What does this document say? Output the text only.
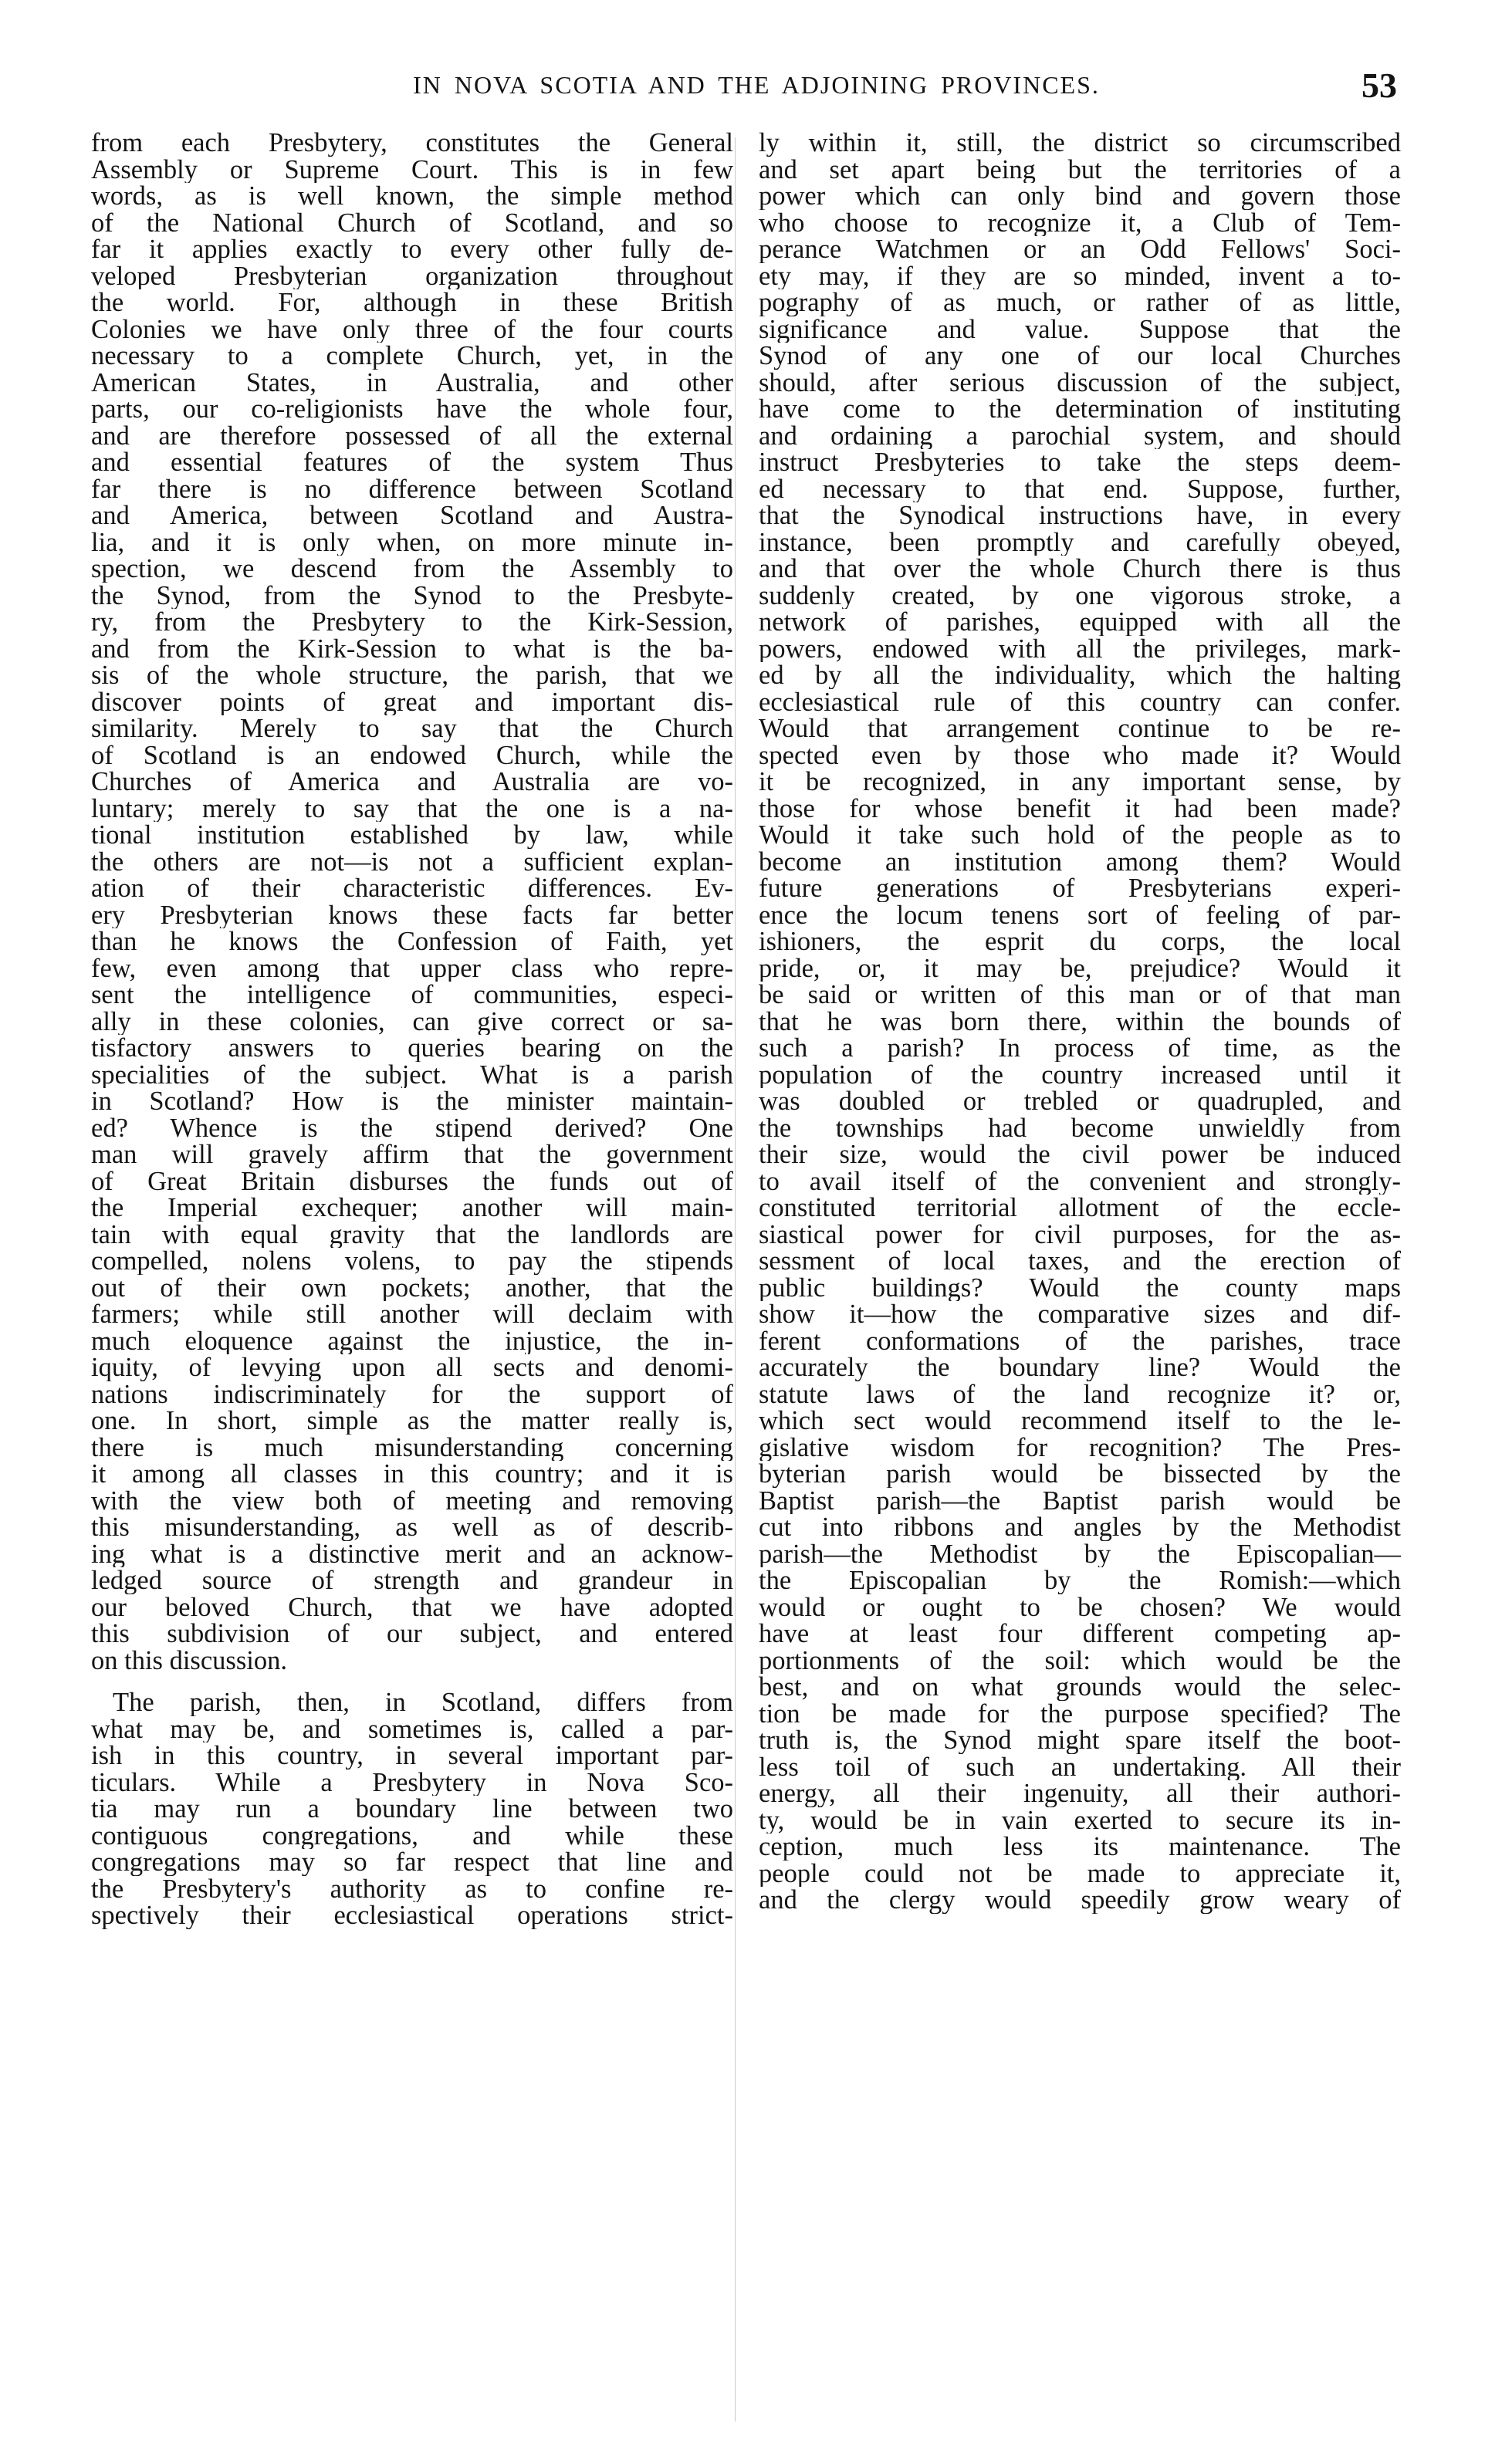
IN NOVA SCOTIA AND THE ADJOINING PROVINCES.	53
from each Presbytery, constitutes the General
Assembly or Supreme Court. This is in few
words, as is well known, the simple method
of the National Church of Scotland, and so
far it applies exactly to every other fully de-
veloped Presbyterian organization throughout
the world. For, although in these British
Colonies we have only three of the four courts
necessary to a complete Church, yet, in the
American States, in Australia, and other
parts, our co-religionists have the whole four,
and are therefore possessed of all the external
and essential features of the system Thus
far there is no difference between Scotland
and America, between Scotland and Austra-
lia, and it is only when, on more minute in-
spection, we descend from the Assembly to
the Synod, from the Synod to the Presbyte-
ry, from the Presbytery to the Kirk-Session,
and from the Kirk-Session to what is the ba-
sis of the whole structure, the parish, that we
discover points of great and important dis-
similarity. Merely to say that the Church
of Scotland is an endowed Church, while the
Churches of America and Australia are vo-
luntary; merely to say that the one is a na-
tional institution established by law, while
the others are not—is not a sufficient explan-
ation of their characteristic differences. Ev-
ery Presbyterian knows these facts far better
than he knows the Confession of Faith, yet
few, even among that upper class who repre-
sent the intelligence of communities, especi-
ally in these colonies, can give correct or sa-
tisfactory answers to queries bearing on the
specialities of the subject. What is a parish
in Scotland? How is the minister maintain-
ed? Whence is the stipend derived? One
man will gravely affirm that the government
of Great Britain disburses the funds out of
the Imperial exchequer; another will main-
tain with equal gravity that the landlords are
compelled, nolens volens, to pay the stipends
out of their own pockets; another, that the
farmers; while still another will declaim with
much eloquence against the injustice, the in-
iquity, of levying upon all sects and denomi-
nations indiscriminately for the support of
one. In short, simple as the matter really is,
there is much misunderstanding concerning
it among all classes in this country; and it is
with the view both of meeting and removing
this misunderstanding, as well as of describ-
ing what is a distinctive merit and an acknow-
ledged source of strength and grandeur in
our beloved Church, that we have adopted
this subdivision of our subject, and entered
on this discussion.
The parish, then, in Scotland, differs from
what may be, and sometimes is, called a par-
ish in this country, in several important par-
ticulars. While a Presbytery in Nova Sco-
tia may run a boundary line between two
contiguous congregations, and while these
congregations may so far respect that line and
the Presbytery's authority as to confine re-
spectively their ecclesiastical operations strict-
ly within it, still, the district so circumscribed
and set apart being but the territories of a
power which can only bind and govern those
who choose to recognize it, a Club of Tem-
perance Watchmen or an Odd Fellows' Soci-
ety may, if they are so minded, invent a to-
pography of as much, or rather of as little,
significance and value. Suppose that the
Synod of any one of our local Churches
should, after serious discussion of the subject,
have come to the determination of instituting
and ordaining a parochial system, and should
instruct Presbyteries to take the steps deem-
ed necessary to that end. Suppose, further,
that the Synodical instructions have, in every
instance, been promptly and carefully obeyed,
and that over the whole Church there is thus
suddenly created, by one vigorous stroke, a
network of parishes, equipped with all the
powers, endowed with all the privileges, mark-
ed by all the individuality, which the halting
ecclesiastical rule of this country can confer.
Would that arrangement continue to be re-
spected even by those who made it? Would
it be recognized, in any important sense, by
those for whose benefit it had been made?
Would it take such hold of the people as to
become an institution among them? Would
future generations of Presbyterians experi-
ence the locum tenens sort of feeling of par-
ishioners, the esprit du corps, the local
pride, or, it may be, prejudice? Would it
be said or written of this man or of that man
that he was born there, within the bounds of
such a parish? In process of time, as the
population of the country increased until it
was doubled or trebled or quadrupled, and
the townships had become unwieldly from
their size, would the civil power be induced
to avail itself of the convenient and strongly-
constituted territorial allotment of the eccle-
siastical power for civil purposes, for the as-
sessment of local taxes, and the erection of
public buildings? Would the county maps
show it—how the comparative sizes and dif-
ferent conformations of the parishes, trace
accurately the boundary line? Would the
statute laws of the land recognize it? or,
which sect would recommend itself to the le-
gislative wisdom for recognition? The Pres-
byterian parish would be bissected by the
Baptist parish—the Baptist parish would be
cut into ribbons and angles by the Methodist
parish—the Methodist by the Episcopalian—
the Episcopalian by the Romish:—which
would or ought to be chosen? We would
have at least four different competing ap-
portionments of the soil: which would be the
best, and on what grounds would the selec-
tion be made for the purpose specified? The
truth is, the Synod might spare itself the boot-
less toil of such an undertaking. All their
energy, all their ingenuity, all their authori-
ty, would be in vain exerted to secure its in-
ception, much less its maintenance. The
people could not be made to appreciate it,
and the clergy would speedily grow weary of
